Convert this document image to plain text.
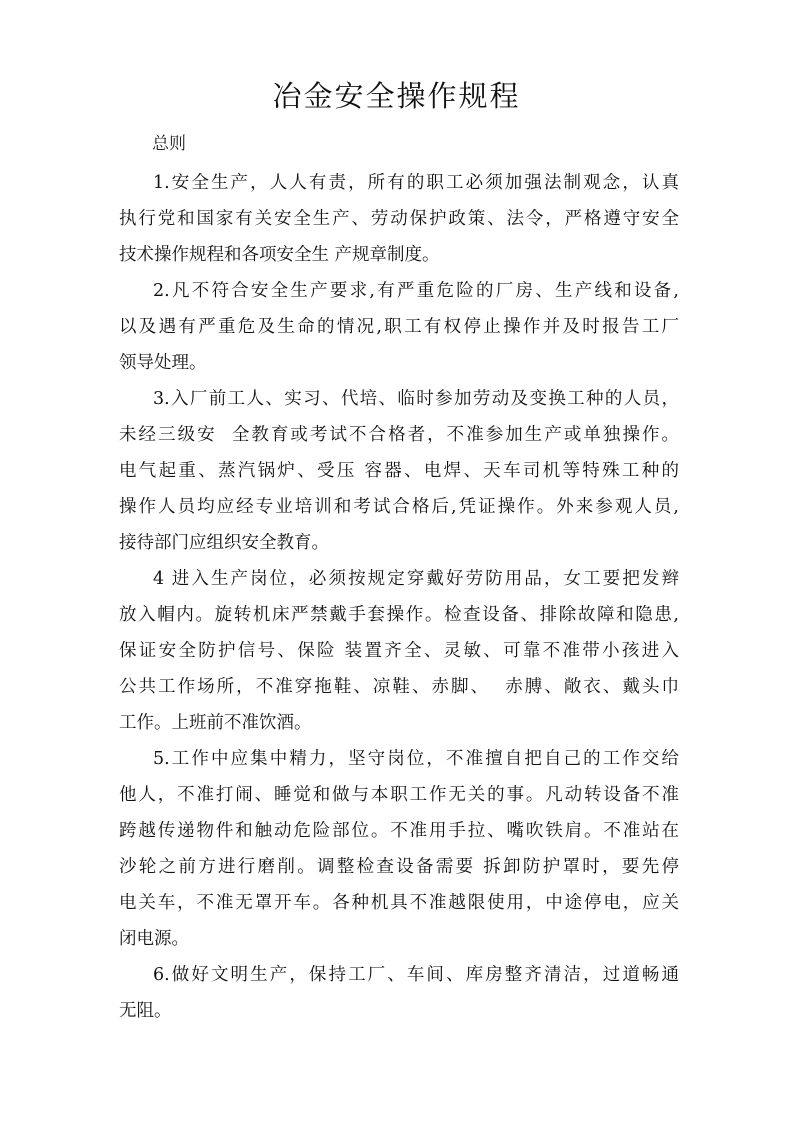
冶金安全操作规程
总则

1.安全生产，人人有责，所有的职工必须加强法制观念，认真
执行党和国家有关安全生产、劳动保护政策、法令，严格遵守安全
技术操作规程和各项安全生 产规章制度。

2.凡不符合安全生产要求,有严重危险的厂房、生产线和设备,
以及遇有严重危及生命的情况,职工有权停止操作并及时报告工厂
领导处理。

3.入厂前工人、实习、代培、临时参加劳动及变换工种的人员，
未经三级安  全教育或考试不合格者，不准参加生产或单独操作。
电气起重、蒸汽锅炉、受压 容器、电焊、天车司机等特殊工种的
操作人员均应经专业培训和考试合格后,凭证操作。外来参观人员,
接待部门应组织安全教育。

4 进入生产岗位，必须按规定穿戴好劳防用品，女工要把发辫
放入帽内。旋转机床严禁戴手套操作。检查设备、排除故障和隐患,
保证安全防护信号、保险 装置齐全、灵敏、可靠不准带小孩进入
公共工作场所，不准穿拖鞋、凉鞋、赤脚、  赤膊、敞衣、戴头巾
工作。上班前不准饮酒。

5.工作中应集中精力，坚守岗位，不准擅自把自己的工作交给
他人，不准打闹、睡觉和做与本职工作无关的事。凡动转设备不准
跨越传递物件和触动危险部位。不准用手拉、嘴吹铁肩。不准站在
沙轮之前方进行磨削。调整检查设备需要 拆卸防护罩时，要先停
电关车，不准无罩开车。各种机具不准越限使用，中途停电，应关
闭电源。

6.做好文明生产，保持工厂、车间、库房整齐清洁，过道畅通
无阻。
